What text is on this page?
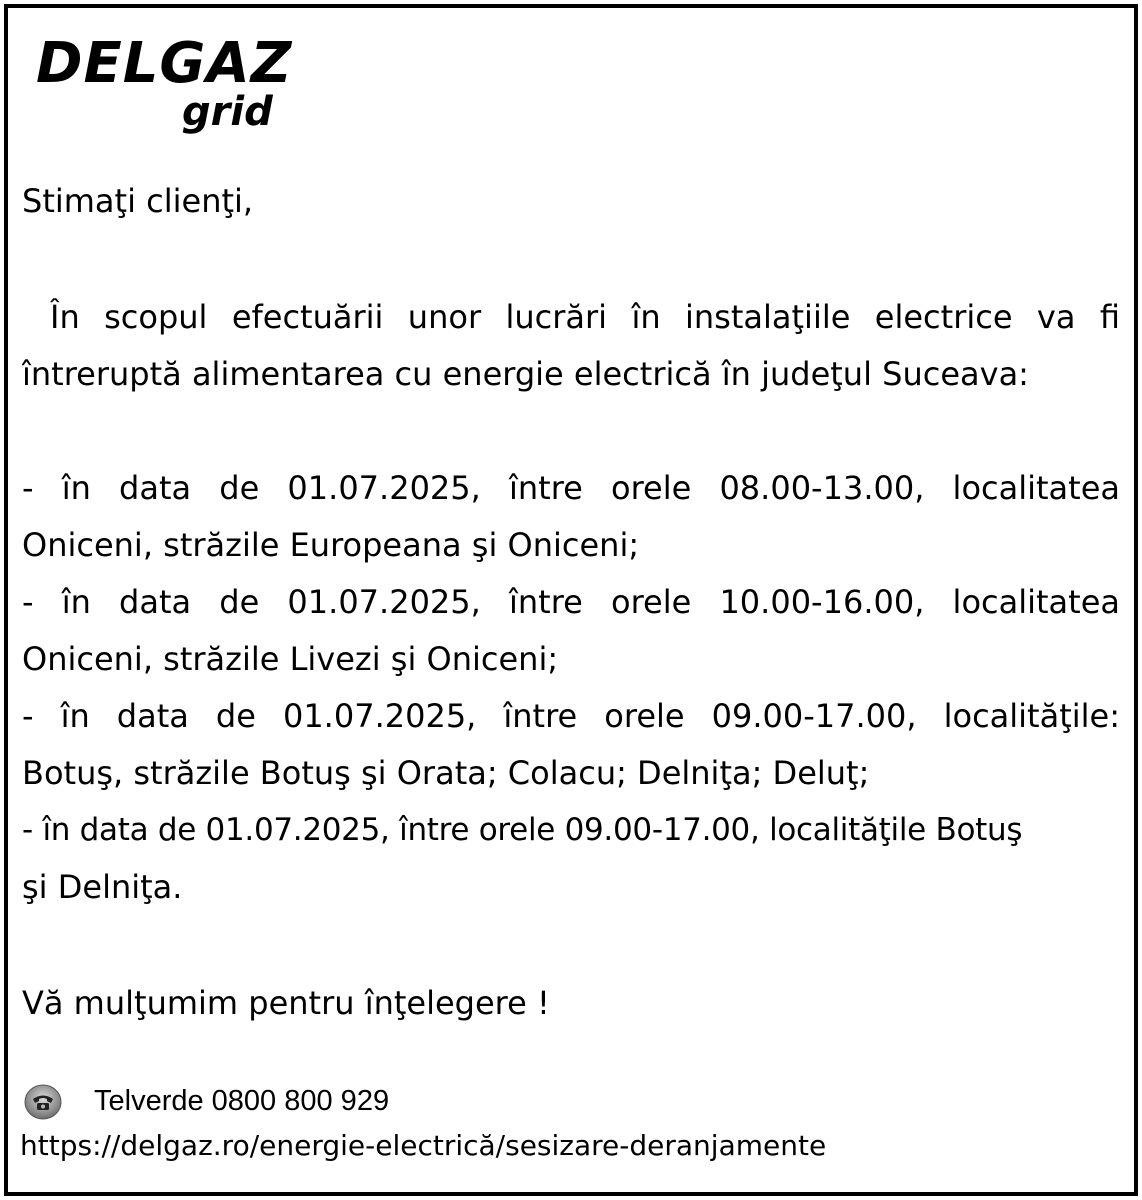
DELGAZ
grid
Stimaţi clienţi,
În scopul efectuării unor lucrări în instalaţiile electrice va fi
întreruptă alimentarea cu energie electrică în judeţul Suceava:
- în data de 01.07.2025, între orele 08.00-13.00, localitatea
Oniceni, străzile Europeana şi Oniceni;
- în data de 01.07.2025, între orele 10.00-16.00, localitatea
Oniceni, străzile Livezi şi Oniceni;
- în data de 01.07.2025, între orele 09.00-17.00, localităţile:
Botuş, străzile Botuş şi Orata; Colacu; Delniţa; Deluţ;
- în data de 01.07.2025, între orele 09.00-17.00, localităţile Botuş
şi Delniţa.
Vă mulţumim pentru înţelegere !
Telverde 0800 800 929
https://delgaz.ro/energie-electrică/sesizare-deranjamente
